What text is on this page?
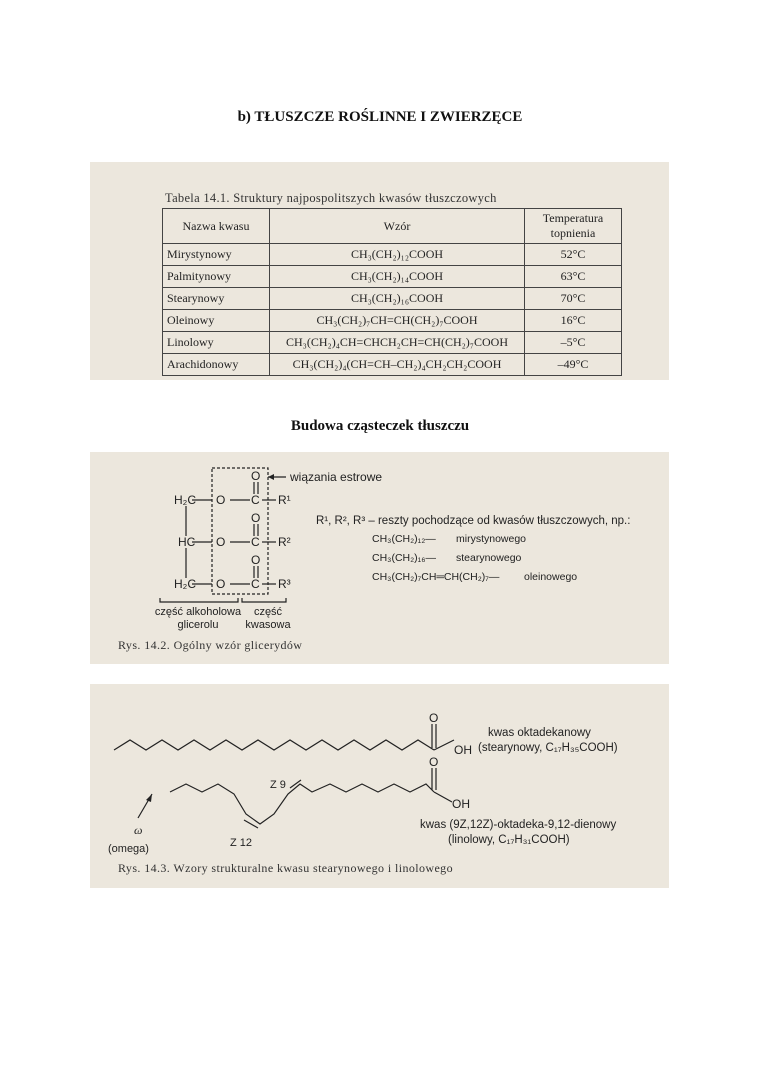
b) TŁUSZCZE ROŚLINNE I ZWIERZĘCE
Tabela 14.1. Struktury najpospolitszych kwasów tłuszczowych
Nazwa kwasu	Wzór	Temperatura
topnienia
Mirystynowy	CH₃(CH₂)₁₂COOH	52°C
Palmitynowy	CH₃(CH₂)₁₄COOH	63°C
Stearynowy	CH₃(CH₂)₁₆COOH	70°C
Oleinowy	CH₃(CH₂)₇CH=CH(CH₂)₇COOH	16°C
Linolowy	CH₃(CH₂)₄CH=CHCH₂CH=CH(CH₂)₇COOH	–5°C
Arachidonowy	CH₃(CH₂)₄(CH=CH–CH₂)₄CH₂CH₂COOH	–49°C
Budowa cząsteczek tłuszczu
wiązania estrowe
H₂C O C
O
R¹
HC O C
O
R²
H₂C O C
O
R³
R¹, R², R³ – reszty pochodzące od kwasów tłuszczowych, np.:
CH₃(CH₂)₁₂— mirystynowego
CH₃(CH₂)₁₆— stearynowego
CH₃(CH₂)₇CH═CH(CH₂)₇— oleinowego
część alkoholowa
glicerolu
część
kwasowa
Rys. 14.2. Ogólny wzór glicerydów
O
OH
kwas oktadekanowy
(stearynowy, C₁₇H₃₅COOH)
O
OH
Z 9
Z 12
kwas (9Z,12Z)-oktadeka-9,12-dienowy
(linolowy, C₁₇H₃₁COOH)
ω
(omega)
Rys. 14.3. Wzory strukturalne kwasu stearynowego i linolowego
